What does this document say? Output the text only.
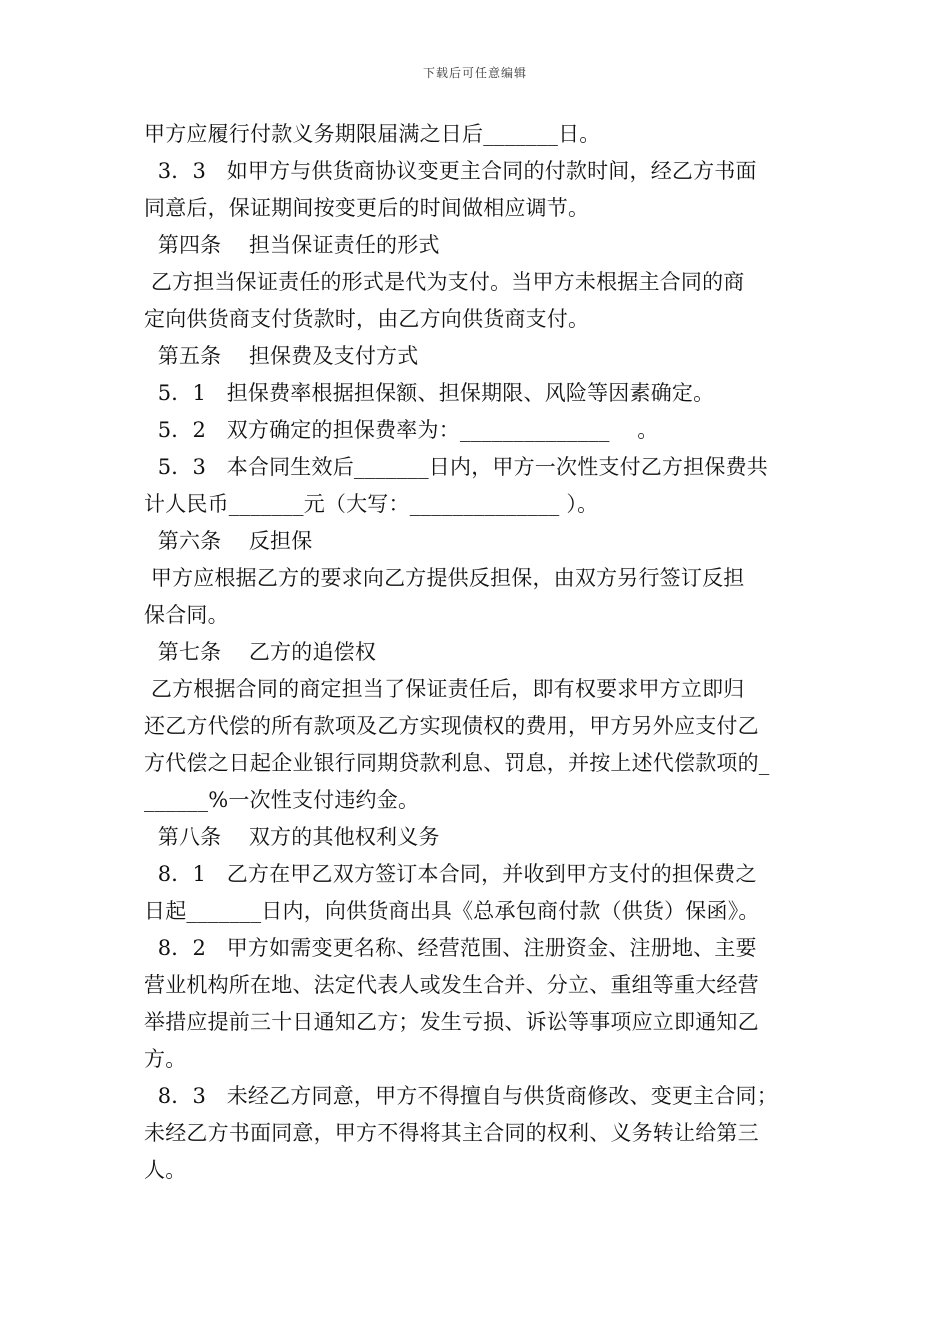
下载后可任意编辑
甲方应履行付款义务期限届满之日后_______日。
3．3   如甲方与供货商协议变更主合同的付款时间，经乙方书面
同意后，保证期间按变更后的时间做相应调节。
第四条    担当保证责任的形式
乙方担当保证责任的形式是代为支付。当甲方未根据主合同的商
定向供货商支付货款时，由乙方向供货商支付。
第五条    担保费及支付方式
5．1   担保费率根据担保额、担保期限、风险等因素确定。
5．2   双方确定的担保费率为：______________    。
5．3   本合同生效后_______日内，甲方一次性支付乙方担保费共
计人民币_______元（大写：______________ ）。
第六条    反担保
甲方应根据乙方的要求向乙方提供反担保，由双方另行签订反担
保合同。
第七条    乙方的追偿权
乙方根据合同的商定担当了保证责任后，即有权要求甲方立即归
还乙方代偿的所有款项及乙方实现债权的费用，甲方另外应支付乙
方代偿之日起企业银行同期贷款利息、罚息，并按上述代偿款项的_
______%一次性支付违约金。
第八条    双方的其他权利义务
8．1   乙方在甲乙双方签订本合同，并收到甲方支付的担保费之
日起_______日内，向供货商出具《总承包商付款（供货）保函》。
8．2   甲方如需变更名称、经营范围、注册资金、注册地、主要
营业机构所在地、法定代表人或发生合并、分立、重组等重大经营
举措应提前三十日通知乙方；发生亏损、诉讼等事项应立即通知乙
方。
8．3   未经乙方同意，甲方不得擅自与供货商修改、变更主合同；
未经乙方书面同意，甲方不得将其主合同的权利、义务转让给第三
人。
